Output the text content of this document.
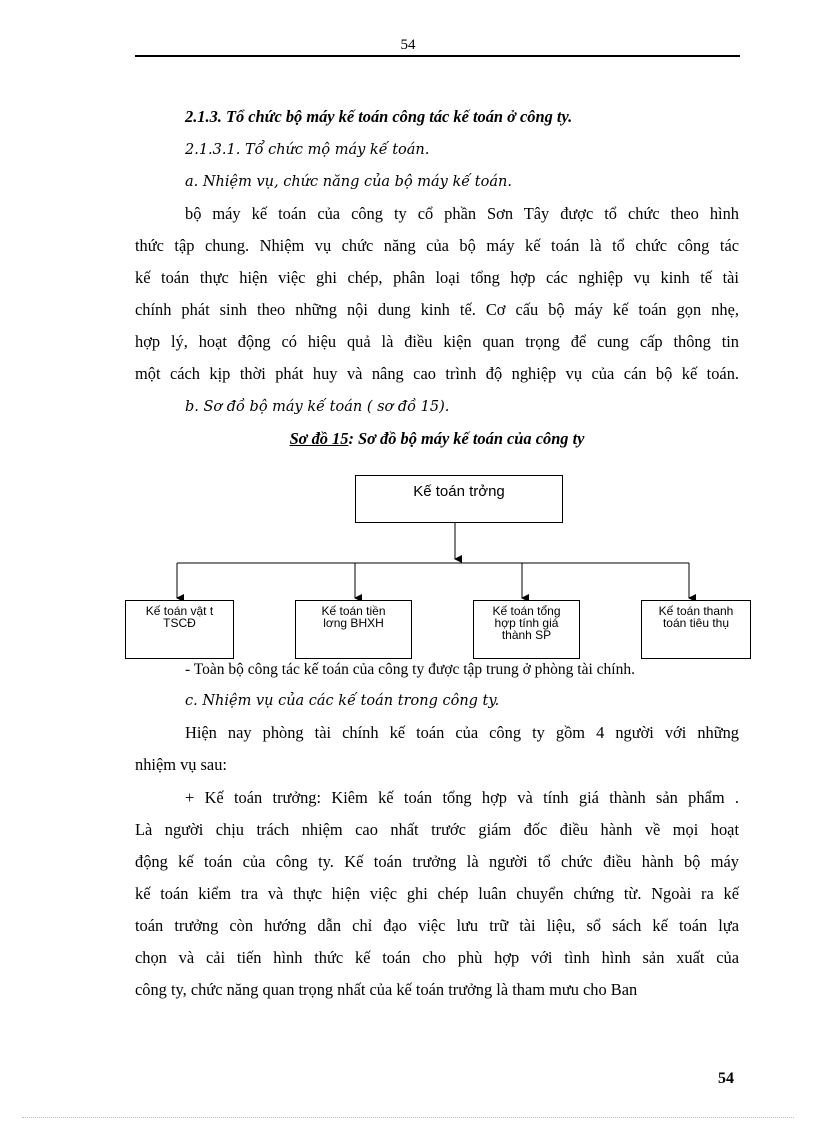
54
2.1.3. Tổ chức bộ máy kế toán công tác kế toán ở công ty.
2.1.3.1. Tổ chức mộ máy kế toán.
a. Nhiệm vụ, chức năng của bộ máy kế toán.
bộ máy kế toán của công ty cổ phần Sơn Tây được tổ chức theo hình
thức tập chung. Nhiệm vụ chức năng của bộ máy kế toán là tổ chức công tác
kế toán thực hiện việc ghi chép, phân loại tổng hợp các nghiệp vụ kinh tế tài
chính phát sinh theo những nội dung kinh tế. Cơ cấu bộ máy kế toán gọn nhẹ,
hợp lý, hoạt động có hiệu quả là điều kiện quan trọng để cung cấp thông tin
một cách kịp thời phát huy và nâng cao trình độ nghiệp vụ của cán bộ kế toán.
b. Sơ đồ bộ máy kế toán ( sơ đồ 15).
Sơ đồ 15: Sơ đồ bộ máy kế toán của công ty
Kế toán trởng
Kế toán vật t
TSCĐ
Kế toán tiền
lơng BHXH
Kế toán tổng
hợp tính giá
thành SP
Kế toán thanh
toán tiêu thụ
- Toàn bộ công tác kế toán của công ty được tập trung ở phòng tài chính.
c. Nhiệm vụ của các kế toán trong công ty.
Hiện nay phòng tài chính kế toán của công ty gồm 4 người với những
nhiệm vụ sau:
+ Kế toán trưởng: Kiêm kế toán tổng hợp và tính giá thành sản phẩm .
Là người chịu trách nhiệm cao nhất trước giám đốc điều hành về mọi hoạt
động kế toán của công ty. Kế toán trưởng là người tổ chức điều hành bộ máy
kế toán kiểm tra và thực hiện việc ghi chép luân chuyển chứng từ. Ngoài ra kế
toán trưởng còn hướng dẫn chỉ đạo việc lưu trữ tài liệu, sổ sách kế toán lựa
chọn và cải tiến hình thức kế toán cho phù hợp với tình hình sản xuất của
công ty, chức năng quan trọng nhất của kế toán trưởng là tham mưu cho Ban
54
